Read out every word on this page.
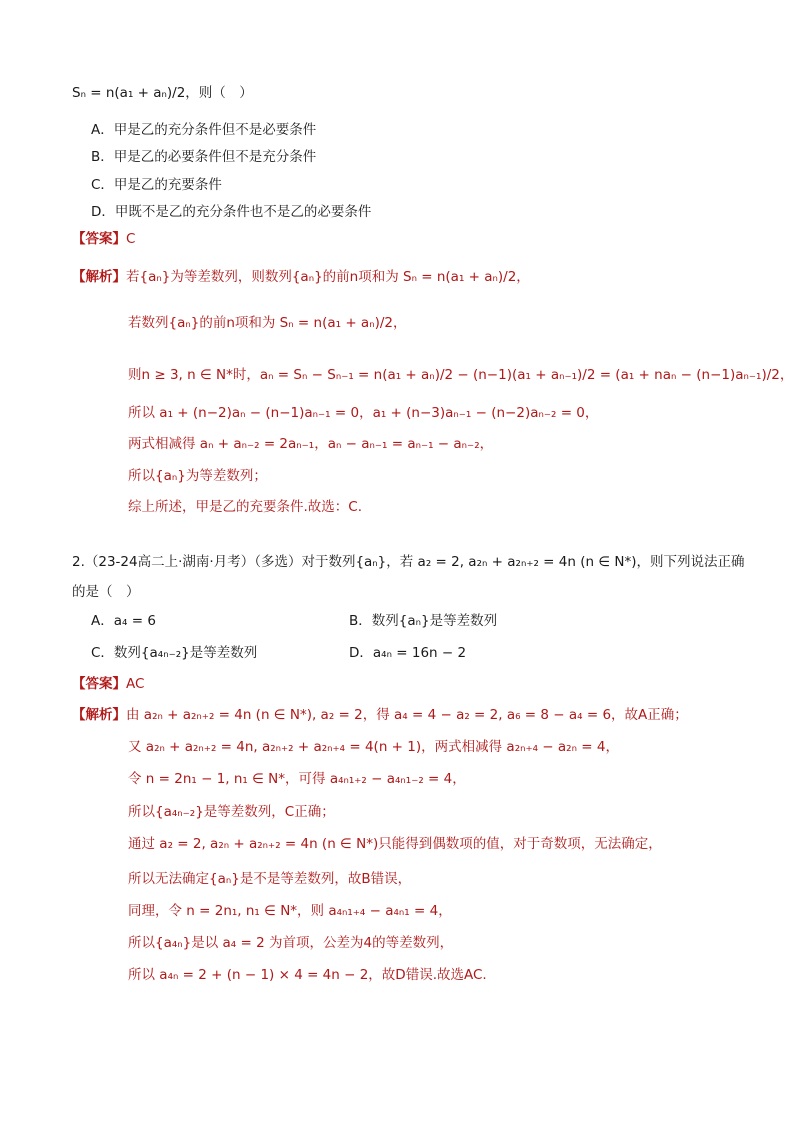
Sₙ = n(a₁ + aₙ)/2，则（　）
A．甲是乙的充分条件但不是必要条件
B．甲是乙的必要条件但不是充分条件
C．甲是乙的充要条件
D．甲既不是乙的充分条件也不是乙的必要条件
【答案】C
【解析】若{aₙ}为等差数列，则数列{aₙ}的前n项和为 Sₙ = n(a₁ + aₙ)/2，
若数列{aₙ}的前n项和为 Sₙ = n(a₁ + aₙ)/2，
则n ≥ 3, n ∈ N*时，aₙ = Sₙ − Sₙ₋₁ = n(a₁ + aₙ)/2 − (n−1)(a₁ + aₙ₋₁)/2 = (a₁ + naₙ − (n−1)aₙ₋₁)/2，
所以 a₁ + (n−2)aₙ − (n−1)aₙ₋₁ = 0，a₁ + (n−3)aₙ₋₁ − (n−2)aₙ₋₂ = 0，
两式相减得 aₙ + aₙ₋₂ = 2aₙ₋₁，aₙ − aₙ₋₁ = aₙ₋₁ − aₙ₋₂，
所以{aₙ}为等差数列；
综上所述，甲是乙的充要条件.故选：C.
2.（23-24高二上·湖南·月考）（多选）对于数列{aₙ}，若 a₂ = 2, a₂ₙ + a₂ₙ₊₂ = 4n (n ∈ N*)，则下列说法正确
的是（　）
A．a₄ = 6	B．数列{aₙ}是等差数列
C．数列{a₄ₙ₋₂}是等差数列	D．a₄ₙ = 16n − 2
【答案】AC
【解析】由 a₂ₙ + a₂ₙ₊₂ = 4n (n ∈ N*), a₂ = 2，得 a₄ = 4 − a₂ = 2, a₆ = 8 − a₄ = 6，故A正确；
又 a₂ₙ + a₂ₙ₊₂ = 4n, a₂ₙ₊₂ + a₂ₙ₊₄ = 4(n + 1)，两式相减得 a₂ₙ₊₄ − a₂ₙ = 4，
令 n = 2n₁ − 1, n₁ ∈ N*，可得 a₄ₙ₁₊₂ − a₄ₙ₁₋₂ = 4，
所以{a₄ₙ₋₂}是等差数列，C正确；
通过 a₂ = 2, a₂ₙ + a₂ₙ₊₂ = 4n (n ∈ N*)只能得到偶数项的值，对于奇数项，无法确定，
所以无法确定{aₙ}是不是等差数列，故B错误，
同理，令 n = 2n₁, n₁ ∈ N*，则 a₄ₙ₁₊₄ − a₄ₙ₁ = 4，
所以{a₄ₙ}是以 a₄ = 2 为首项，公差为4的等差数列，
所以 a₄ₙ = 2 + (n − 1) × 4 = 4n − 2，故D错误.故选AC.
